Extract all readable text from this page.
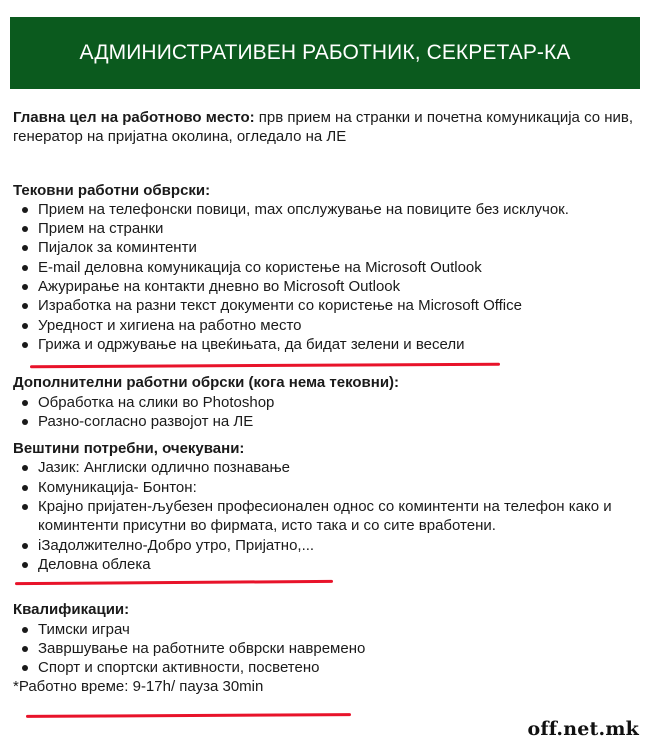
АДМИНИСТРАТИВЕН РАБОТНИК, СЕКРЕТАР-КА

Главна цел на работново место: прв прием на странки и почетна комуникација со нив, генератор на пријатна околина, огледало на ЛЕ

Тековни работни обврски:

Прием на телефонски повици, max опслужување на повиците без исклучок.
Прием на странки
Пијалок за коминтенти
E-mail деловна комуникација со користење на Microsoft Outlook
Ажурирање на контакти дневно во Microsoft Outlook
Изработка на разни текст документи со користење на Microsoft Office
Уредност и хигиена на работно место
Грижа и одржување на цвеќињата, да бидат зелени и весели

Дополнителни работни обрски (кога нема тековни):

Обработка на слики во Photoshop
Разно-согласно развојот на ЛЕ

Вештини потребни, очекувани:

Јазик: Англиски одлично познавање
Комуникација- Бонтон:
Крајно пријатен-љубезен професионален однос со коминтенти на телефон како и коминтенти присутни во фирмата, исто така и со сите вработени.
iЗадолжително-Добро утро, Пријатно,...
Деловна облека

Квалификации:

Тимски играч
Завршување на работните обврски навремено
Спорт и спортски активности, посветено

*Работно време: 9-17h/ пауза 30min

off.net.mk
